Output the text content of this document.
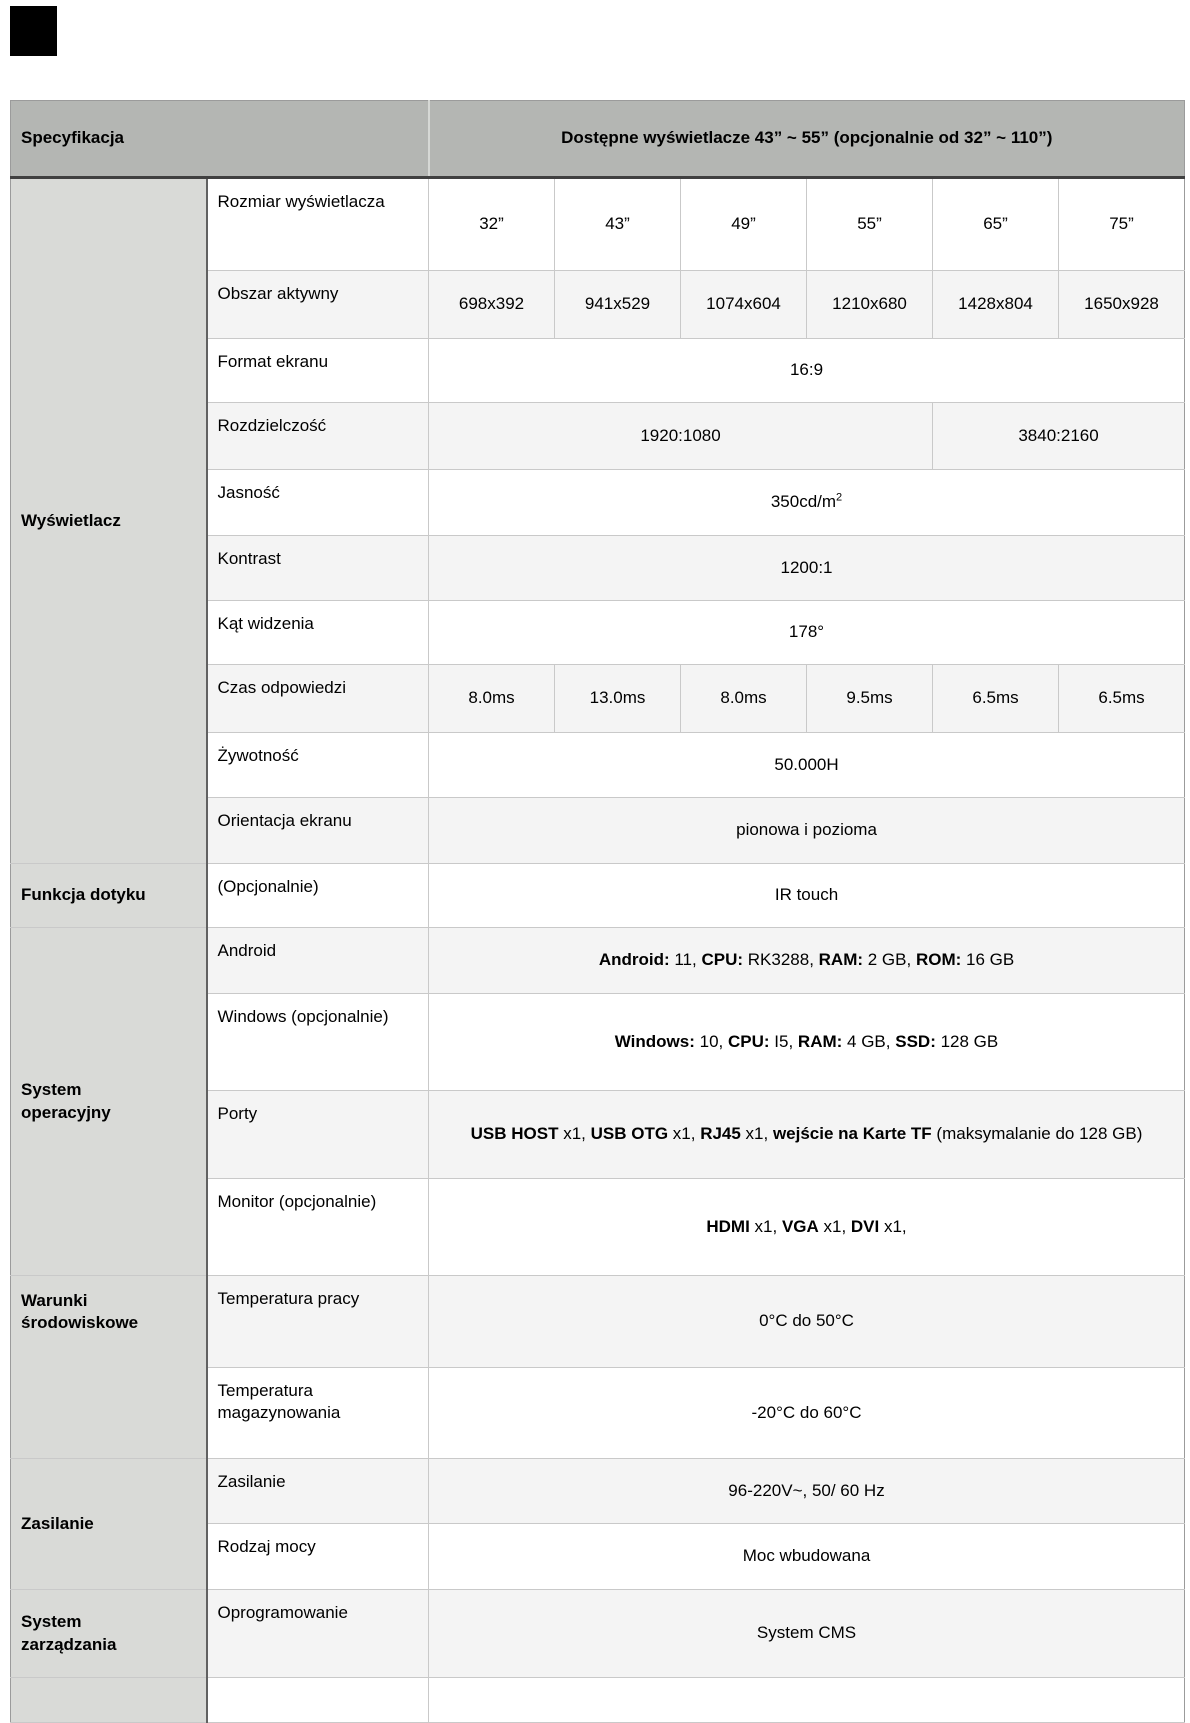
Specyfikacja		Dostępne wyświetlacze 43” ~ 55” (opcjonalnie od 32” ~ 110”)					
Wyświetlacz	Rozmiar wyświetlacza	32”	43”	49”	55”	65”	75”
	Obszar aktywny	698x392	941x529	1074x604	1210x680	1428x804	1650x928
	Format ekranu	16:9					
	Rozdzielczość	1920:1080				3840:2160	
	Jasność	$350cd/m^2$
	Kontrast	1200:1					
	Kąt widzenia	178°					
	Czas odpowiedzi	8.0ms	13.0ms	8.0ms	9.5ms	6.5ms	6.5ms
	Żywotność	50.000H					
	Orientacja ekranu	pionowa i pozioma					
Funkcja dotyku	(Opcjonalnie)	IR touch					
System operacyjny	Android	Android: 11, CPU: RK3288, RAM: 2 GB, ROM: 16 GB					
	Windows (opcjonalnie)	Windows: 10, CPU: I5, RAM: 4 GB, SSD: 128 GB					
	Porty	USB HOST x1, USB OTG x1, RJ45 x1, wejście na Karte TF (maksymalanie do 128 GB)					
	Monitor (opcjonalnie)	HDMI x1, VGA x1, DVI x1,					
Warunki środowiskowe	Temperatura pracy	0°C do 50°C					
	Temperatura magazynowania	-20°C do 60°C					
Zasilanie	Zasilanie	96-220V~, 50/ 60 Hz					
	Rodzaj mocy	Moc wbudowana					
System zarządzania	Oprogramowanie	System CMS					
